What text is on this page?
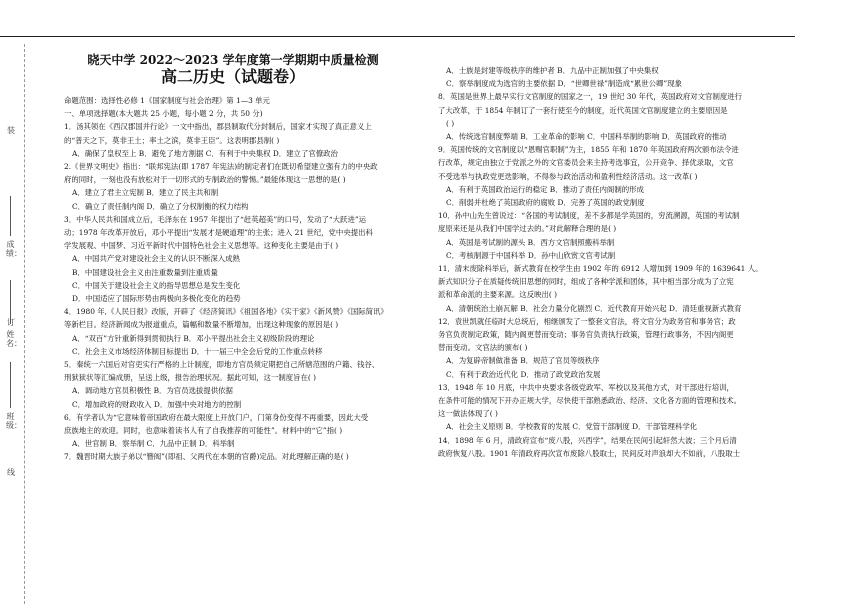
装
订
线
班级：
姓名：
成绩：
晓天中学 2022～2023 学年度第一学期期中质量检测
高二历史（试题卷）
命题范围：选择性必修 1《国家制度与社会治理》第 1—3 单元
一、单项选择题(本大题共 25 小题，每小题 2 分，共 50 分)
1．汤其领在《西汉郡国并行论》一文中指出，郡县制取代分封制后，国家才实现了真正意义上
的“普天之下，莫非王土；率土之滨，莫非王臣”。这表明郡县制( )
A．确保了皇权至上 B．避免了地方割据 C．有利于中央集权 D．建立了官僚政治
2.《世界文明史》指出：“联邦宪法(即 1787 年宪法)的制定者们在既切希望建立强有力的中央政
府的同时，一刻也没有放松对于一切形式的专制政治的警惕。”最能体现这一思想的是( )
A．建立了君主立宪制 B．建立了民主共和制
C．确立了责任制内阁 D．确立了分权制衡的权力结构
3．中华人民共和国成立后，毛泽东在 1957 年提出了“赶英超美”的口号，发动了“大跃进”运
动；1978 年改革开放后，邓小平提出“发展才是硬道理”的主张；进入 21 世纪，党中央提出科
学发展观、中国梦、习近平新时代中国特色社会主义思想等。这种变化主要是由于( )
A．中国共产党对建设社会主义的认识不断深入成熟
B．中国建设社会主义由注重数量到注重质量
C．中国关于建设社会主义的指导思想总是发生变化
D．中国适应了国际形势由两极向多极化变化的趋势
4．1980 年,《人民日报》改版，开辟了《经济简讯》《祖国各地》《实干家》《新风赞》《国际简讯》
等新栏目。经济新闻成为报道重点，篇幅和数量不断增加，出现这种现象的原因是( )
A．“双百”方针重新得到贯彻执行 B．邓小平提出社会主义初级阶段的理论
C．社会主义市场经济体制目标提出 D．十一届三中全会后党的工作重点转移
5．秦统一六国后对官吏实行严格的上计制度，即地方官员须定期把自己所辖范围的户籍、钱谷、
刑狱狱状等汇编成册，呈送上级，报告治理状况。据此可知，这一制度旨在( )
A．调动地方官员积极性 B．为官员选拔提供依据
C．增加政府的财政收入 D．加强中央对地方的控制
6．有学者认为“它意味着帝国政府在最大限度上开放门户，门第身份变得不再重要，因此大受
庶族地主的欢迎。同时，也意味着读书人有了自我推荐的可能性”。材料中的“它”指( )
A．世官制 B．察举制 C．九品中正制 D．科举制
7．魏晋时期大族子弟以“簪阀”(即祖、父两代在本朝的官爵)定品。对此理解正确的是( )
A．士族是封建等级秩序的维护者 B．九品中正制加强了中央集权
C．察举制度成为选官的主要依据 D．“世卿世禄”制造成“累世公卿”现象
8．英国是世界上最早实行文官制度的国家之一，19 世纪 30 年代，英国政府对文官制度进行
了大改革，于 1854 年制订了一套行使至今的制度，近代英国文官制度建立的主要原因是
( )
A．传统选官制度弊端 B．工业革命的影响 C．中国科举制的影响 D．英国政府的推动
9．英国传统的文官制度以“恩赐官职制”为主，1855 年和 1870 年英国政府两次颁布法令进
行改革，规定由独立于党派之外的文官委员会来主持考选事宜，公开竞争、择优录取，文官
不受选举与执政党更迭影响，不得参与政治活动和盈利性经济活动。这一改革( )
A．有利于英国政治运行的稳定 B．推动了责任内阁制的形成
C．削弱并杜绝了英国政府的腐败 D．完善了英国的政党制度
10．孙中山先生曾说过：“各国的考试制度，差不多都是学英国的，穷流溯源，英国的考试制
度原来还是从我们中国学过去的。”对此解释合理的是( )
A．英国是考试制的源头 B．西方文官制照搬科举制
C．考核制源于中国科举 D．孙中山欣赏文官考试制
11．清末废除科举后，新式教育在校学生由 1902 年的 6912 人增加到 1909 年的 1639641 人。
新式知识分子在质疑传统旧思想的同时，组成了各种学派和团体，其中相当部分成为了立宪
派和革命派的主要来源。这反映出( )
A．清朝统治土崩瓦解 B．社会力量分化剧烈 C．近代教育开始兴起 D．清廷重视新式教育
12．袁世凯就任临时大总统后，相继颁发了一整套文官法，将文官分为政务官和事务官；政
务官负责制定政策，随内阁更替而变动；事务官负责执行政策，管理行政事务，不因内阁更
替而变动。文官法的颁布( )
A．为复辟帝制做准备 B．规范了官员等级秩序
C．有利于政治近代化 D．推动了政党政治发展
13．1948 年 10 月底，中共中央要求各级党政军、军校以及其他方式，对干部进行培训，
在条件可能的情况下开办正规大学，尽快使干部熟悉政治、经济、文化各方面的管理和技术。
这一做法体现了( )
A．社会主义原则 B．学校教育的发展 C．党管干部制度 D．干部管理科学化
14．1898 年 6 月，清政府宣布“废八股，兴西学”，结果在民间引起轩然大波；三个月后清
政府恢复八股。1901 年清政府再次宣布废除八股取士，民间反对声浪却大不如前，八股取士
